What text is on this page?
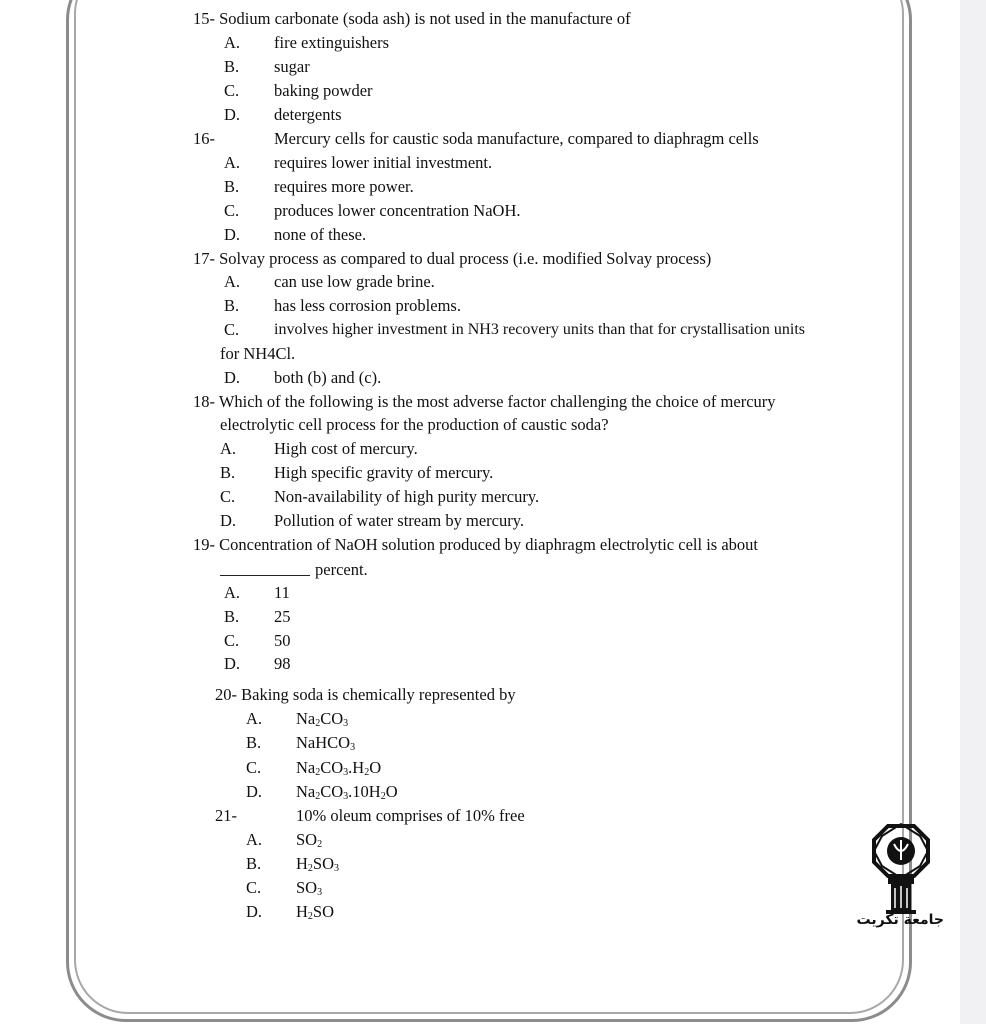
15- Sodium carbonate (soda ash) is not used in the manufacture of
A. fire extinguishers
B. sugar
C. baking powder
D. detergents
16-	Mercury cells for caustic soda manufacture, compared to diaphragm cells
A. requires lower initial investment.
B. requires more power.
C. produces lower concentration NaOH.
D. none of these.
17- Solvay process as compared to dual process (i.e. modified Solvay process)
A. can use low grade brine.
B. has less corrosion problems.
C. involves higher investment in NH3 recovery units than that for crystallisation units
for NH4Cl.
D. both (b) and (c).
18- Which of the following is the most adverse factor challenging the choice of mercury
electrolytic cell process for the production of caustic soda?
A. High cost of mercury.
B. High specific gravity of mercury.
C. Non-availability of high purity mercury.
D. Pollution of water stream by mercury.
19- Concentration of NaOH solution produced by diaphragm electrolytic cell is about
percent.
A. 11
B. 25
C. 50
D. 98
20- Baking soda is chemically represented by
A. $Na_2CO_3$
B. NaHCO$_3$
C. $Na_2CO_3.H_2O$
D. $Na_2CO_3.10H_2O$
21-	10% oleum comprises of 10% free
A. $SO_2$
B. $H_2SO_3$
C. $SO_3$
D. $H_2SO$	جامعة تكريت
